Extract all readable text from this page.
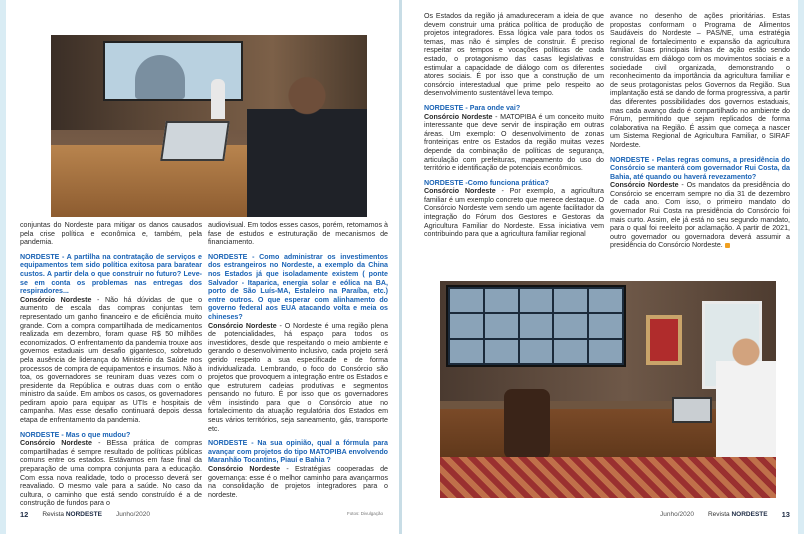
conjuntas do Nordeste para mitigar os danos causados pela crise política e econômica e, também, pela pandemia.

NORDESTE - A partilha na contratação de serviços e equipamentos tem sido política exitosa para baratear custos. A partir dela o que construir no futuro? Leve-se em conta os problemas nas entregas dos respiradores...

Consórcio Nordeste - Não há dúvidas de que o aumento de escala das compras conjuntas tem representado um ganho financeiro e de eficiência muito grande. Com a compra compartilhada de medicamentos realizada em dezembro, foram quase R$ 50 milhões economizados. O enfrentamento da pandemia trouxe aos governos estaduais um desafio gigantesco, sobretudo pela ausência de liderança do Ministério da Saúde nos processos de compra de equipamentos e insumos. Não à toa, os governadores se reuniram duas vezes com o presidente da República e outras duas com o então ministro da saúde. Em ambos os casos, os governadores pediram apoio para equipar as UTIs e hospitais de campanha. Mas esse desafio continuará depois dessa etapa de enfrentamento da pandemia.

NORDESTE - Mas o que mudou?

Consórcio Nordeste - BEssa prática de compras compartilhadas é sempre resultado de políticas públicas comuns entre os estados. Estávamos em fase final da preparação de uma compra conjunta para a educação. Com essa nova realidade, todo o processo deverá ser reavaliado. O mesmo vale para a saúde. No caso da cultura, o caminho que está sendo construído é a de construção de fundos para o

audiovisual. Em todos esses casos, porém, retomamos à fase de estudos e estruturação de mecanismos de financiamento.

NORDESTE - Como administrar os investimentos dos estrangeiros no Nordeste, a exemplo da China nos Estados já que isoladamente existem ( ponte Salvador - Itaparica, energia solar e eólica na BA, porto de São Luís-MA, Estaleiro na Paraíba, etc.) entre outros. O que esperar com alinhamento do governo federal aos EUA atacando volta e meia os chineses?

Consórcio Nordeste - O Nordeste é uma região plena de potencialidades, há espaço para todos os investidores, desde que respeitando o meio ambiente e gerando o desenvolvimento inclusivo, cada projeto será gerido respeito a sua especificade e de forma individualizada. Lembrando, o foco do Consórcio são projetos que provoquem a integração entre os Estados e que estruturem cadeias produtivas e segmentos pensando no futuro. É por isso que os governadores vêm insistindo para que o Consórcio atue no fortalecimento da atuação regulatória dos Estados em seus vários territórios, seja saneamento, gás, transporte etc.

NORDESTE - Na sua opinião, qual a fórmula para avançar com projetos do tipo MATOPIBA envolvendo Maranhão Tocantins, Piauí e Bahia ?

Consórcio Nordeste - Estratégias cooperadas de governança: esse é o melhor caminho para avançarmos na consolidação de projetos integradores para o nordeste.

12 Revista NORDESTE Junho/2020	Fotos: Divulgação

Os Estados da região já amadureceram a ideia de que devem construir uma prática política de produção de projetos integradores. Essa lógica vale para todos os temas, mas não é simples de construir. É preciso respeitar os tempos e vocações políticas de cada estado, o protagonismo das casas legislativas e estimular a capacidade de diálogo com os diferentes atores sociais. É por isso que a construção de um consórcio interestadual que prime pelo respeito ao desenvolvimento sustentável leva tempo.

NORDESTE - Para onde vai?

Consórcio Nordeste - MATOPIBA é um conceito muito interessante que deve servir de inspiração em outras áreas. Um exemplo: O desenvolvimento de zonas fronteiriças entre os Estados da região muitas vezes depende da combinação de políticas de segurança, articulação com prefeituras, mapeamento do uso do território e identificação de potenciais econômicos.

NORDESTE -Como funciona prática?

Consórcio Nordeste - Por exemplo, a agricultura familiar é um exemplo concreto que merece destaque. O Consórcio Nordeste vem sendo um agente facilitador da integração do Fórum dos Gestores e Gestoras da Agricultura Familiar do Nordeste. Essa iniciativa vem contribuindo para que a agricultura familiar regional

avance no desenho de ações prioritárias. Estas propostas conformam o Programa de Alimentos Saudáveis do Nordeste – PAS/NE, uma estratégia regional de fortalecimento e expansão da agricultura familiar. Suas principais linhas de ação estão sendo construídas em diálogo com os movimentos sociais e a sociedade civil organizada, demonstrando o reconhecimento da importância da agricultura familiar e de seus protagonistas pelos Governos da Região. Sua implantação está se dando de forma progressiva, a partir das diferentes possibilidades dos governos estaduais, mas cada avanço dado é compartilhado no ambiente do Fórum, permitindo que sejam replicados de forma colaborativa na Região. É assim que começa a nascer um Sistema Regional de Agricultura Familiar, o SIRAF Nordeste.

NORDESTE - Pelas regras comuns, a presidência do Consórcio se manterá com governador Rui Costa, da Bahia, até quando ou haverá revezamento?

Consórcio Nordeste - Os mandatos da presidência do Consórcio se encerram sempre no dia 31 de dezembro de cada ano. Com isso, o primeiro mandato do governador Rui Costa na presidência do Consórcio foi mais curto. Assim, ele já está no seu segundo mandato, para o qual foi reeleito por aclamação. A partir de 2021, outro governador ou governadora deverá assumir a presidência do Consórcio Nordeste.

Junho/2020 Revista NORDESTE 13
